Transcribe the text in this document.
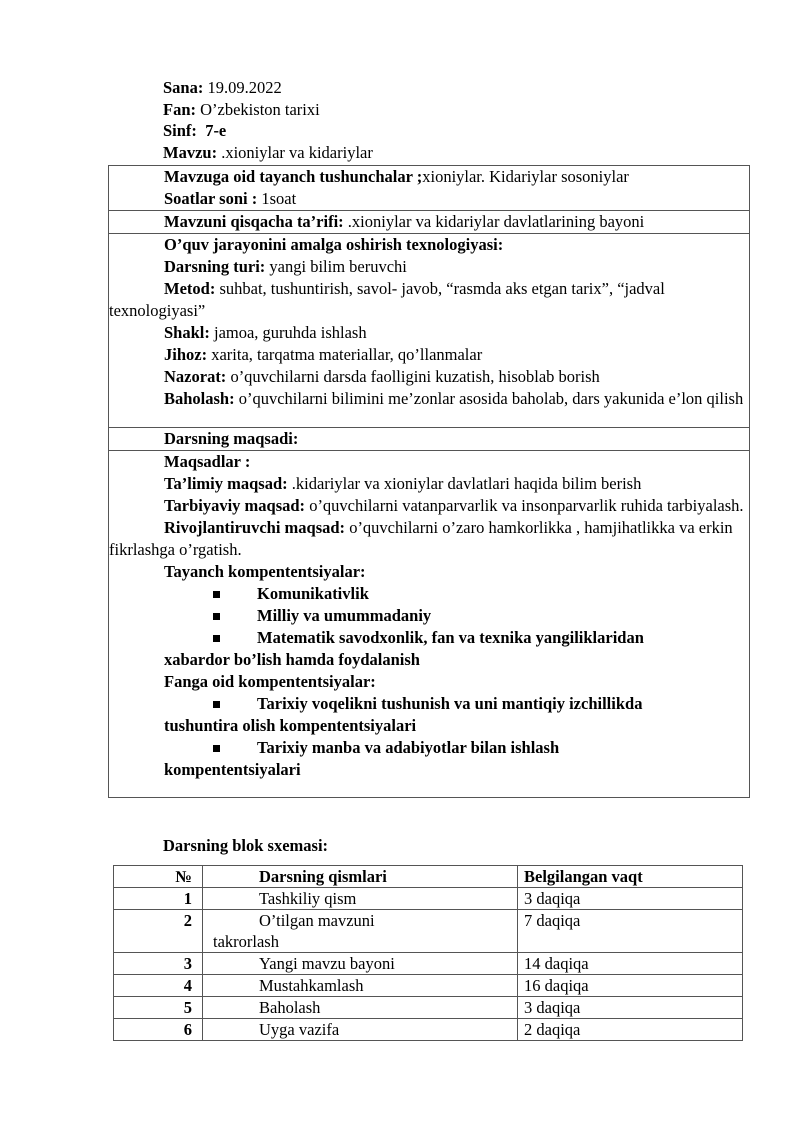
Sana: 19.09.2022
Fan: O’zbekiston tarixi
Sinf: 7-e
Mavzu: .xioniylar va kidariylar

Mavzuga oid tayanch tushunchalar ;xioniylar. Kidariylar sosoniylar

Soatlar soni : 1soat

Mavzuni qisqacha ta’rifi: .xioniylar va kidariylar davlatlarining bayoni

O’quv jarayonini amalga oshirish texnologiyasi:

Darsning turi: yangi bilim beruvchi

Metod: suhbat, tushuntirish, savol- javob, “rasmda aks etgan tarix”, “jadval texnologiyasi”

Shakl: jamoa, guruhda ishlash

Jihoz: xarita, tarqatma materiallar, qo’llanmalar

Nazorat: o’quvchilarni darsda faolligini kuzatish, hisoblab borish

Baholash: o’quvchilarni bilimini me’zonlar asosida baholab, dars yakunida e’lon qilish

Darsning maqsadi:

Maqsadlar :

Ta’limiy maqsad: .kidariylar va xioniylar davlatlari haqida bilim berish

Tarbiyaviy maqsad: o’quvchilarni vatanparvarlik va insonparvarlik ruhida tarbiyalash.

Rivojlantiruvchi maqsad: o’quvchilarni o’zaro hamkorlikka , hamjihatlikka va erkin fikrlashga o’rgatish.

Tayanch kompententsiyalar:

Komunikativlik

Milliy va umummadaniy

Matematik savodxonlik, fan va texnika yangiliklaridan

xabardor bo’lish hamda foydalanish

Fanga oid kompententsiyalar:

Tarixiy voqelikni tushunish va uni mantiqiy izchillikda

tushuntira olish kompententsiyalari

Tarixiy manba va adabiyotlar bilan ishlash

kompententsiyalari

Darsning blok sxemasi:
№	Darsning qismlari	Belgilangan vaqt
1	Tashkiliy qism	3 daqiqa
2	O’tilgan mavzuni takrorlash	7 daqiqa
3	Yangi mavzu bayoni	14 daqiqa
4	Mustahkamlash	16 daqiqa
5	Baholash	3 daqiqa
6	Uyga vazifa	2 daqiqa
